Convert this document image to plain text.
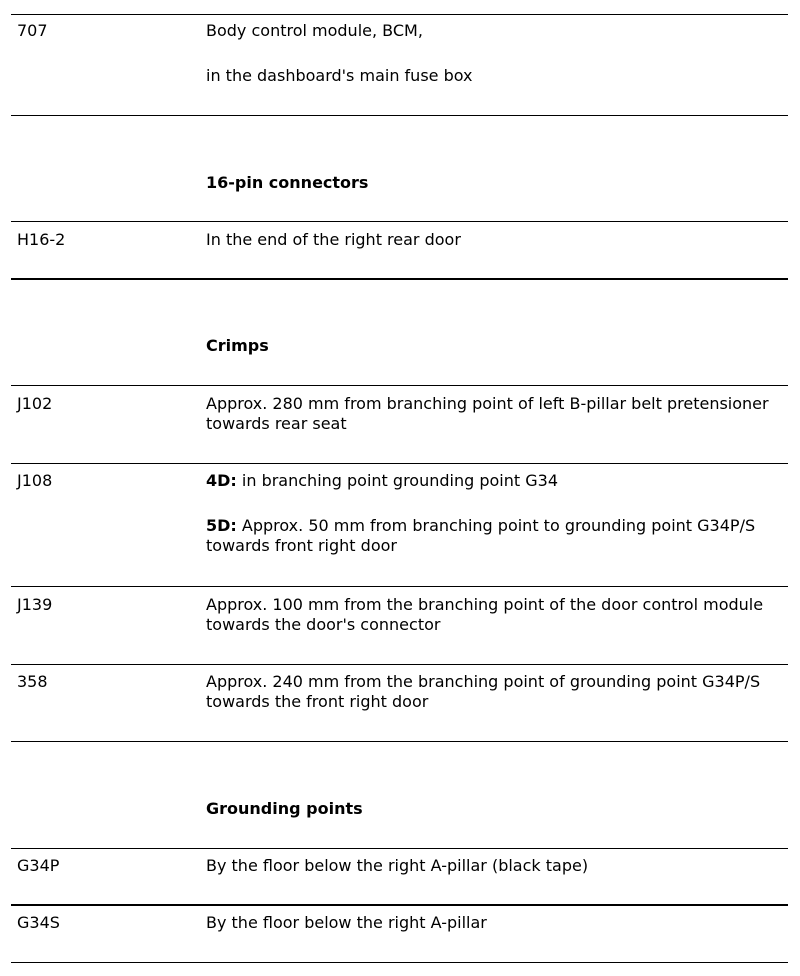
707	Body control module, BCM,

in the dashboard's main fuse box

16-pin connectors
H16-2	In the end of the right rear door

Crimps
J102	Approx. 280 mm from branching point of left B-pillar belt pretensioner towards rear seat

J108	4D: in branching point grounding point G34

5D: Approx. 50 mm from branching point to grounding point G34P/S towards front right door

J139	Approx. 100 mm from the branching point of the door control module towards the door's connector

358	Approx. 240 mm from the branching point of grounding point G34P/S towards the front right door

Grounding points
G34P	By the floor below the right A-pillar (black tape)

G34S	By the floor below the right A-pillar
